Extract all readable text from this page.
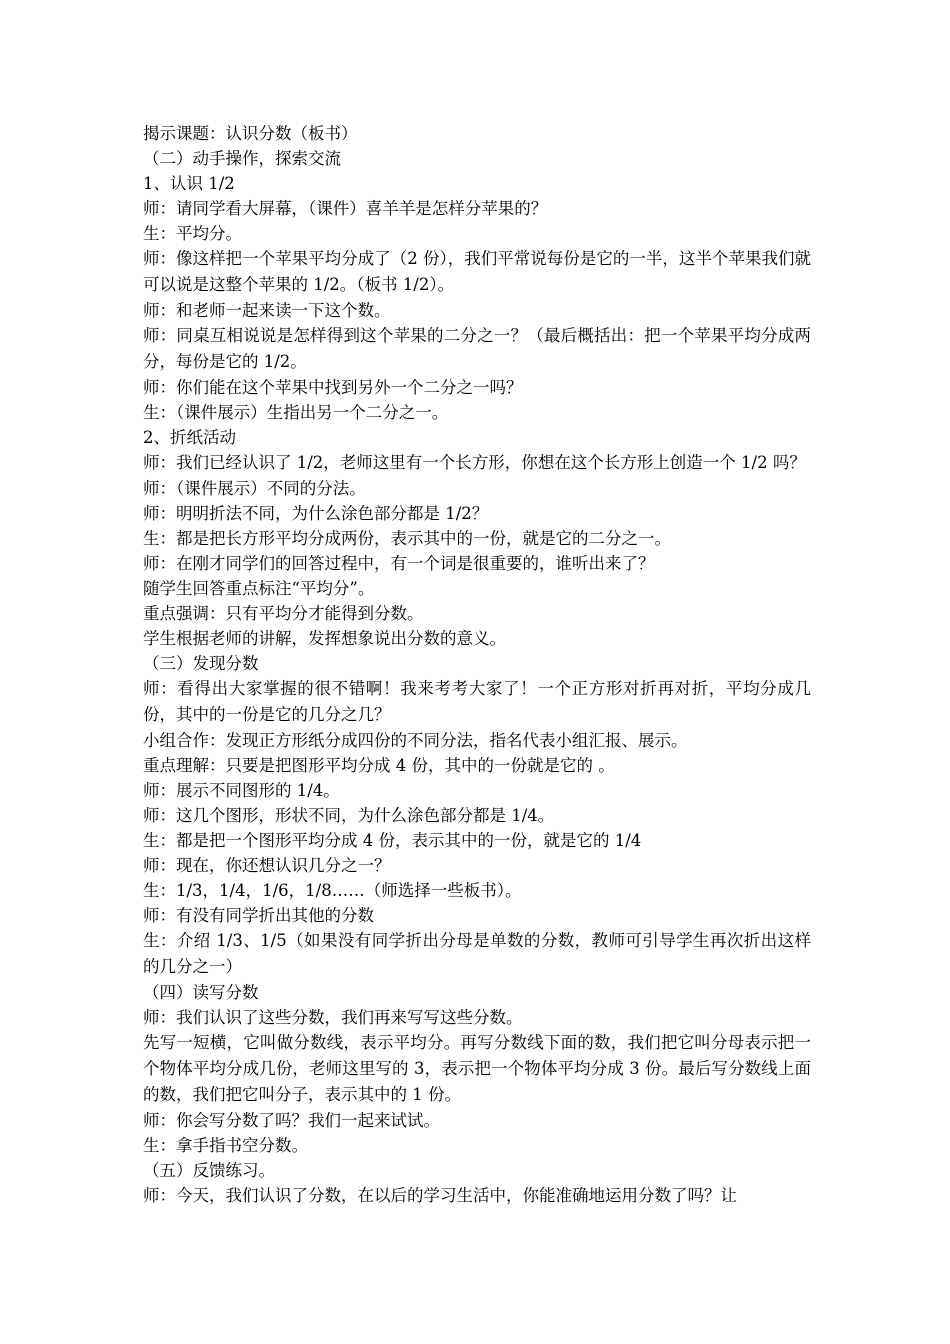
揭示课题：认识分数（板书）

（二）动手操作，探索交流

1、认识 1/2

师：请同学看大屏幕，（课件）喜羊羊是怎样分苹果的？

生：平均分。

师：像这样把一个苹果平均分成了（2 份），我们平常说每份是它的一半，这半个苹果我们就可以说是这整个苹果的 1/2。（板书 1/2）。

师：和老师一起来读一下这个数。

师：同桌互相说说是怎样得到这个苹果的二分之一？（最后概括出：把一个苹果平均分成两分，每份是它的 1/2。

师：你们能在这个苹果中找到另外一个二分之一吗？

生：（课件展示）生指出另一个二分之一。

2、折纸活动

师：我们已经认识了 1/2，老师这里有一个长方形，你想在这个长方形上创造一个 1/2 吗？

师：（课件展示）不同的分法。

师：明明折法不同，为什么涂色部分都是 1/2？

生：都是把长方形平均分成两份，表示其中的一份，就是它的二分之一。

师：在刚才同学们的回答过程中，有一个词是很重要的，谁听出来了？

随学生回答重点标注“平均分”。

重点强调：只有平均分才能得到分数。

学生根据老师的讲解，发挥想象说出分数的意义。

（三）发现分数

师：看得出大家掌握的很不错啊！我来考考大家了！一个正方形对折再对折，平均分成几份，其中的一份是它的几分之几？

小组合作：发现正方形纸分成四份的不同分法，指名代表小组汇报、展示。

重点理解：只要是把图形平均分成 4 份，其中的一份就是它的 。

师：展示不同图形的 1/4。

师：这几个图形，形状不同，为什么涂色部分都是 1/4。

生：都是把一个图形平均分成 4 份，表示其中的一份，就是它的 1/4

师：现在，你还想认识几分之一？

生：1/3，1/4，1/6，1/8……（师选择一些板书）。

师：有没有同学折出其他的分数

生：介绍 1/3、1/5（如果没有同学折出分母是单数的分数，教师可引导学生再次折出这样的几分之一）

（四）读写分数

师：我们认识了这些分数，我们再来写写这些分数。

先写一短横，它叫做分数线，表示平均分。再写分数线下面的数，我们把它叫分母表示把一个物体平均分成几份，老师这里写的 3，表示把一个物体平均分成 3 份。最后写分数线上面的数，我们把它叫分子，表示其中的 1 份。

师：你会写分数了吗？我们一起来试试。

生：拿手指书空分数。

（五）反馈练习。

师：今天，我们认识了分数，在以后的学习生活中，你能准确地运用分数了吗？让
